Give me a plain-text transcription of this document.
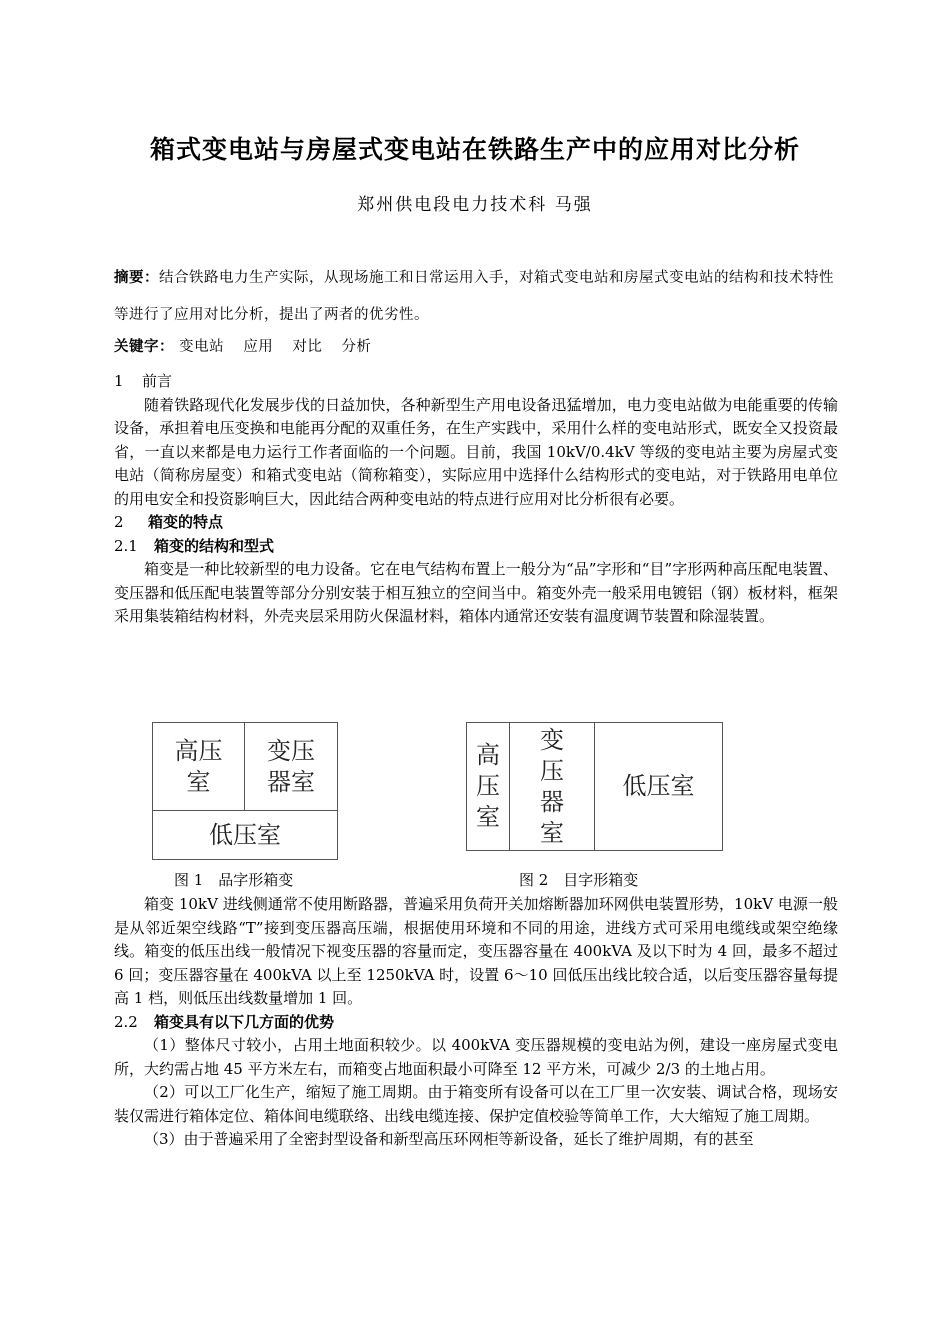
箱式变电站与房屋式变电站在铁路生产中的应用对比分析
郑州供电段电力技术科 马强
摘要：结合铁路电力生产实际，从现场施工和日常运用入手，对箱式变电站和房屋式变电站的结构和技术特性等进行了应用对比分析，提出了两者的优劣性。
关键字： 变电站 应用 对比 分析

1 前言

随着铁路现代化发展步伐的日益加快，各种新型生产用电设备迅猛增加，电力变电站做为电能重要的传输设备，承担着电压变换和电能再分配的双重任务，在生产实践中，采用什么样的变电站形式，既安全又投资最省，一直以来都是电力运行工作者面临的一个问题。目前，我国 10kV/0.4kV 等级的变电站主要为房屋式变电站（简称房屋变）和箱式变电站（简称箱变），实际应用中选择什么结构形式的变电站，对于铁路用电单位的用电安全和投资影响巨大，因此结合两种变电站的特点进行应用对比分析很有必要。

2 箱变的特点

2.1 箱变的结构和型式

箱变是一种比较新型的电力设备。它在电气结构布置上一般分为“品”字形和“目”字形两种高压配电装置、变压器和低压配电装置等部分分别安装于相互独立的空间当中。箱变外壳一般采用电镀铝（钢）板材料，框架采用集装箱结构材料，外壳夹层采用防火保温材料，箱体内通常还安装有温度调节装置和除湿装置。

高压
室
变压
器室
低压室
图 1　品字形箱变
高
压
室
变
压
器
室
低压室
图 2　目字形箱变

箱变 10kV 进线侧通常不使用断路器，普遍采用负荷开关加熔断器加环网供电装置形势，10kV 电源一般是从邻近架空线路“T”接到变压器高压端，根据使用环境和不同的用途，进线方式可采用电缆线或架空绝缘线。箱变的低压出线一般情况下视变压器的容量而定，变压器容量在 400kVA 及以下时为 4 回，最多不超过 6 回；变压器容量在 400kVA 以上至 1250kVA 时，设置 6～10 回低压出线比较合适，以后变压器容量每提高 1 档，则低压出线数量增加 1 回。

2.2 箱变具有以下几方面的优势

（1）整体尺寸较小，占用土地面积较少。以 400kVA 变压器规模的变电站为例，建设一座房屋式变电所，大约需占地 45 平方米左右，而箱变占地面积最小可降至 12 平方米，可减少 2/3 的土地占用。

（2）可以工厂化生产，缩短了施工周期。由于箱变所有设备可以在工厂里一次安装、调试合格，现场安装仅需进行箱体定位、箱体间电缆联络、出线电缆连接、保护定值校验等简单工作，大大缩短了施工周期。

（3）由于普遍采用了全密封型设备和新型高压环网柜等新设备，延长了维护周期，有的甚至
